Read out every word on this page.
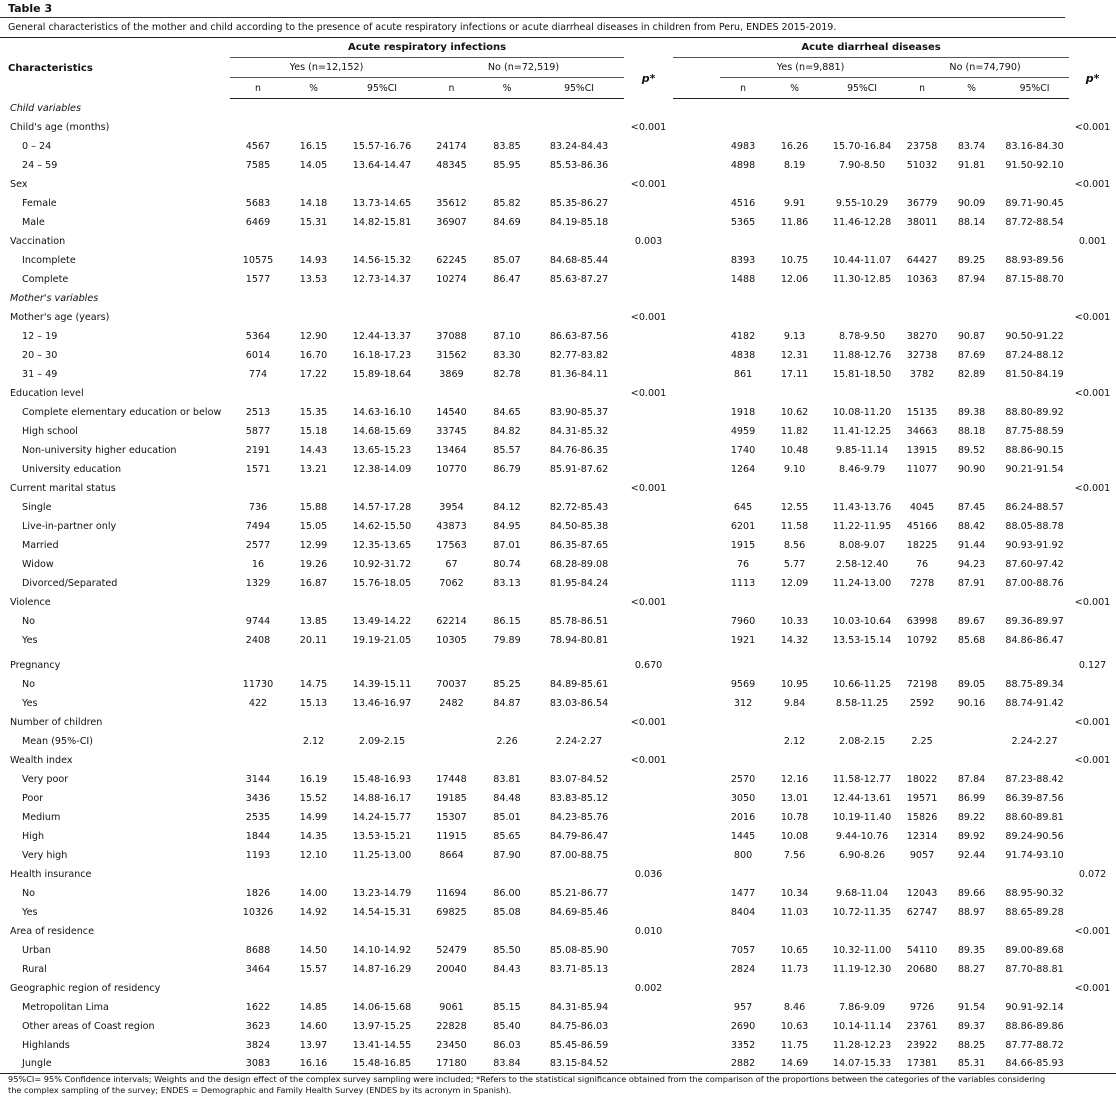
Table 3
General characteristics of the mother and child according to the presence of acute respiratory infections or acute diarrheal diseases in children from Peru, ENDES 2015-2019.
Characteristics	Acute respiratory infections							Acute diarrheal diseases							
	Yes (n=12,152)			No (n=72,519)			p*		Yes (n=9,881)			No (n=74,790)			p*
	n	%	95%CI	n	%	95%CI			n	%	95%CI	n	%	95%CI	
Child variables															
Child's age (months)							<0.001								<0.001
0 – 24	4567	16.15	15.57-16.76	24174	83.85	83.24-84.43			4983	16.26	15.70-16.84	23758	83.74	83.16-84.30	
24 – 59	7585	14.05	13.64-14.47	48345	85.95	85.53-86.36			4898	8.19	7.90-8.50	51032	91.81	91.50-92.10	
Sex							<0.001								<0.001
Female	5683	14.18	13.73-14.65	35612	85.82	85.35-86.27			4516	9.91	9.55-10.29	36779	90.09	89.71-90.45	
Male	6469	15.31	14.82-15.81	36907	84.69	84.19-85.18			5365	11.86	11.46-12.28	38011	88.14	87.72-88.54	
Vaccination							0.003								0.001
Incomplete	10575	14.93	14.56-15.32	62245	85.07	84.68-85.44			8393	10.75	10.44-11.07	64427	89.25	88.93-89.56	
Complete	1577	13.53	12.73-14.37	10274	86.47	85.63-87.27			1488	12.06	11.30-12.85	10363	87.94	87.15-88.70	
Mother's variables															
Mother's age (years)							<0.001								<0.001
12 – 19	5364	12.90	12.44-13.37	37088	87.10	86.63-87.56			4182	9.13	8.78-9.50	38270	90.87	90.50-91.22	
20 – 30	6014	16.70	16.18-17.23	31562	83.30	82.77-83.82			4838	12.31	11.88-12.76	32738	87.69	87.24-88.12	
31 – 49	774	17.22	15.89-18.64	3869	82.78	81.36-84.11			861	17.11	15.81-18.50	3782	82.89	81.50-84.19	
Education level							<0.001								<0.001
Complete elementary education or below	2513	15.35	14.63-16.10	14540	84.65	83.90-85.37			1918	10.62	10.08-11.20	15135	89.38	88.80-89.92	
High school	5877	15.18	14.68-15.69	33745	84.82	84.31-85.32			4959	11.82	11.41-12.25	34663	88.18	87.75-88.59	
Non-university higher education	2191	14.43	13.65-15.23	13464	85.57	84.76-86.35			1740	10.48	9.85-11.14	13915	89.52	88.86-90.15	
University education	1571	13.21	12.38-14.09	10770	86.79	85.91-87.62			1264	9.10	8.46-9.79	11077	90.90	90.21-91.54	
Current marital status							<0.001								<0.001
Single	736	15.88	14.57-17.28	3954	84.12	82.72-85.43			645	12.55	11.43-13.76	4045	87.45	86.24-88.57	
Live-in-partner only	7494	15.05	14.62-15.50	43873	84.95	84.50-85.38			6201	11.58	11.22-11.95	45166	88.42	88.05-88.78	
Married	2577	12.99	12.35-13.65	17563	87.01	86.35-87.65			1915	8.56	8.08-9.07	18225	91.44	90.93-91.92	
Widow	16	19.26	10.92-31.72	67	80.74	68.28-89.08			76	5.77	2.58-12.40	76	94.23	87.60-97.42	
Divorced/Separated	1329	16.87	15.76-18.05	7062	83.13	81.95-84.24			1113	12.09	11.24-13.00	7278	87.91	87.00-88.76	
Violence							<0.001								<0.001
No	9744	13.85	13.49-14.22	62214	86.15	85.78-86.51			7960	10.33	10.03-10.64	63998	89.67	89.36-89.97	
Yes	2408	20.11	19.19-21.05	10305	79.89	78.94-80.81			1921	14.32	13.53-15.14	10792	85.68	84.86-86.47	

Pregnancy							0.670								0.127
No	11730	14.75	14.39-15.11	70037	85.25	84.89-85.61			9569	10.95	10.66-11.25	72198	89.05	88.75-89.34	
Yes	422	15.13	13.46-16.97	2482	84.87	83.03-86.54			312	9.84	8.58-11.25	2592	90.16	88.74-91.42	
Number of children							<0.001								<0.001
Mean (95%-CI)		2.12	2.09-2.15		2.26	2.24-2.27				2.12	2.08-2.15	2.25		2.24-2.27	
Wealth index							<0.001								<0.001
Very poor	3144	16.19	15.48-16.93	17448	83.81	83.07-84.52			2570	12.16	11.58-12.77	18022	87.84	87.23-88.42	
Poor	3436	15.52	14.88-16.17	19185	84.48	83.83-85.12			3050	13.01	12.44-13.61	19571	86.99	86.39-87.56	
Medium	2535	14.99	14.24-15.77	15307	85.01	84.23-85.76			2016	10.78	10.19-11.40	15826	89.22	88.60-89.81	
High	1844	14.35	13.53-15.21	11915	85.65	84.79-86.47			1445	10.08	9.44-10.76	12314	89.92	89.24-90.56	
Very high	1193	12.10	11.25-13.00	8664	87.90	87.00-88.75			800	7.56	6.90-8.26	9057	92.44	91.74-93.10	
Health insurance							0.036								0.072
No	1826	14.00	13.23-14.79	11694	86.00	85.21-86.77			1477	10.34	9.68-11.04	12043	89.66	88.95-90.32	
Yes	10326	14.92	14.54-15.31	69825	85.08	84.69-85.46			8404	11.03	10.72-11.35	62747	88.97	88.65-89.28	
Area of residence							0.010								<0.001
Urban	8688	14.50	14.10-14.92	52479	85.50	85.08-85.90			7057	10.65	10.32-11.00	54110	89.35	89.00-89.68	
Rural	3464	15.57	14.87-16.29	20040	84.43	83.71-85.13			2824	11.73	11.19-12.30	20680	88.27	87.70-88.81	
Geographic region of residency							0.002								<0.001
Metropolitan Lima	1622	14.85	14.06-15.68	9061	85.15	84.31-85.94			957	8.46	7.86-9.09	9726	91.54	90.91-92.14	
Other areas of Coast region	3623	14.60	13.97-15.25	22828	85.40	84.75-86.03			2690	10.63	10.14-11.14	23761	89.37	88.86-89.86	
Highlands	3824	13.97	13.41-14.55	23450	86.03	85.45-86.59			3352	11.75	11.28-12.23	23922	88.25	87.77-88.72	
Jungle	3083	16.16	15.48-16.85	17180	83.84	83.15-84.52			2882	14.69	14.07-15.33	17381	85.31	84.66-85.93	
95%CI= 95% Confidence intervals; Weights and the design effect of the complex survey sampling were included; *Refers to the statistical significance obtained from the comparison of the proportions between the categories of the variables considering the complex sampling of the survey; ENDES = Demographic and Family Health Survey (ENDES by its acronym in Spanish).
